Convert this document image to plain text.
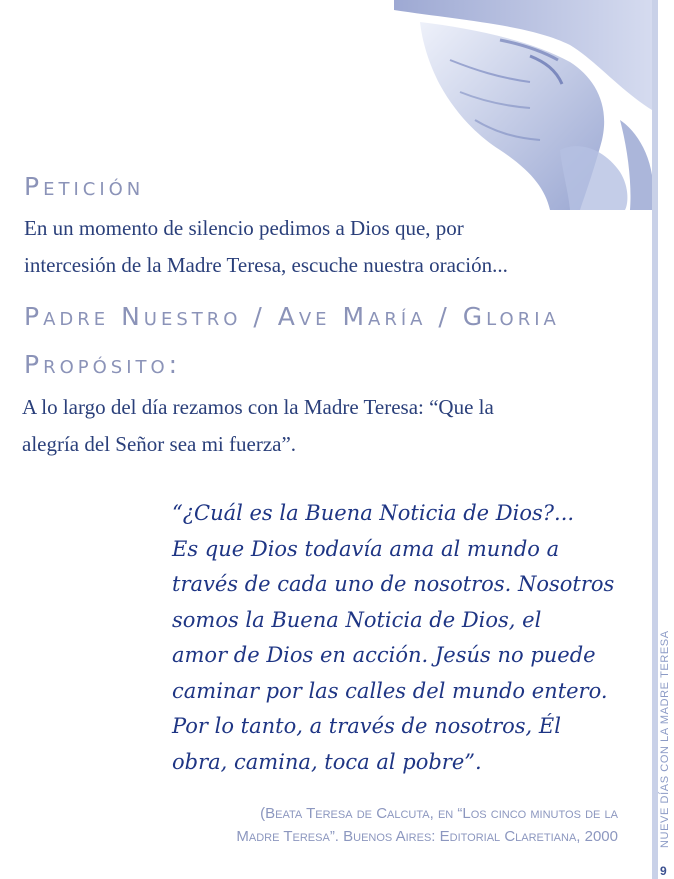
NUEVE DÍAS CON LA MADRE TERESA
9
Petición

En un momento de silencio pedimos a Dios que, por
intercesión de la Madre Teresa, escuche nuestra oración...

Padre Nuestro / Ave María / Gloria
Propósito:

A lo largo del día rezamos con la Madre Teresa: “Que la
alegría del Señor sea mi fuerza”.

“¿Cuál es la Buena Noticia de Dios?...
Es que Dios todavía ama al mundo a
través de cada uno de nosotros. Nosotros
somos la Buena Noticia de Dios, el
amor de Dios en acción. Jesús no puede
caminar por las calles del mundo entero.
Por lo tanto, a través de nosotros, Él
obra, camina, toca al pobre”.

(Beata Teresa de Calcuta, en “Los cinco minutos de la
Madre Teresa”. Buenos Aires: Editorial Claretiana, 2000
